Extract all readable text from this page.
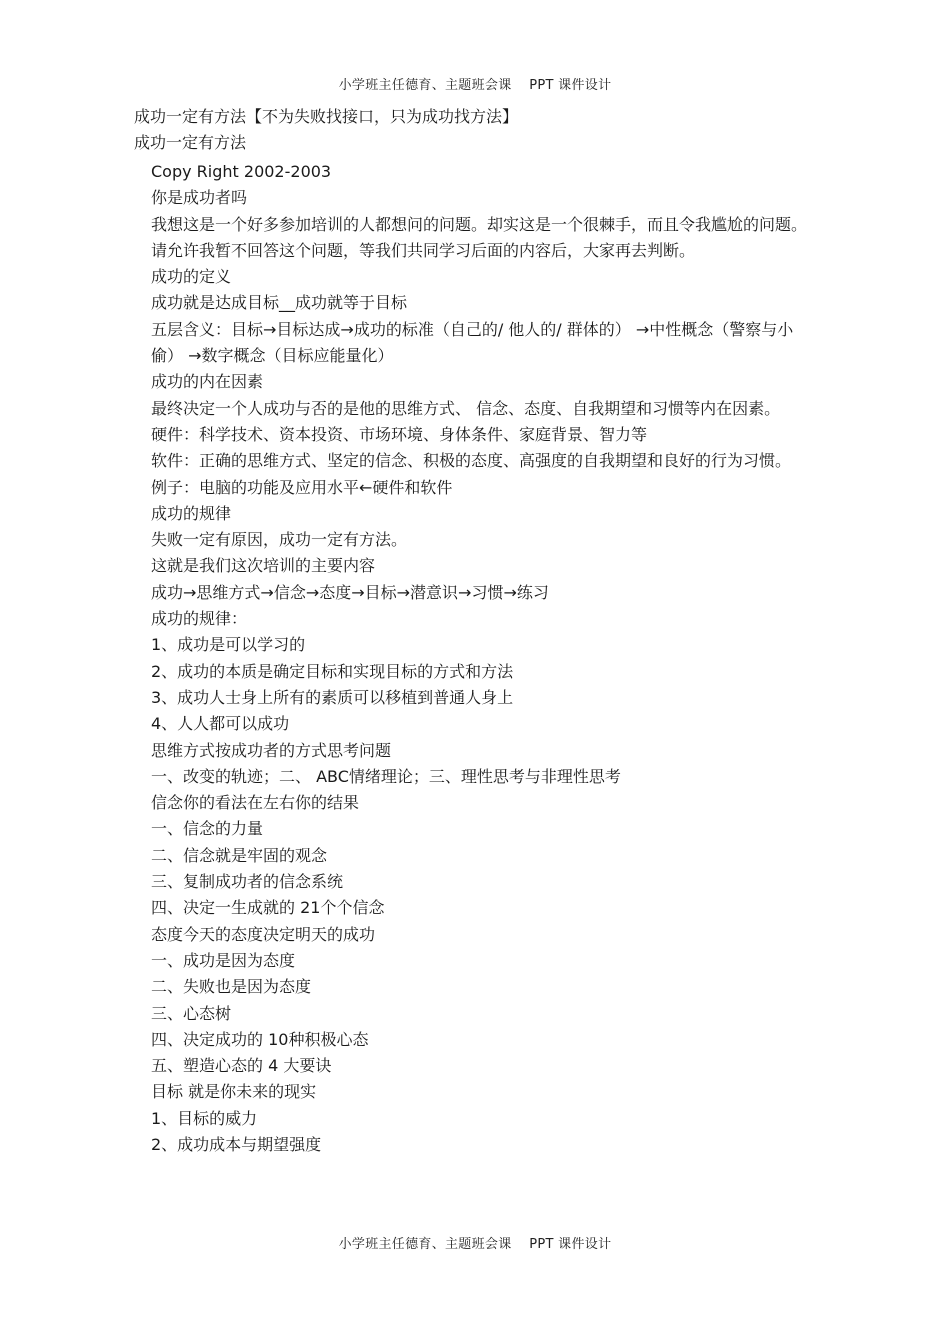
小学班主任德育、主题班会课　 PPT 课件设计
成功一定有方法【不为失败找接口，只为成功找方法】
成功一定有方法
Copy Right 2002-2003
你是成功者吗
我想这是一个好多参加培训的人都想问的问题。却实这是一个很棘手，而且令我尴尬的问题。
请允许我暂不回答这个问题，等我们共同学习后面的内容后，大家再去判断。
成功的定义
成功就是达成目标__成功就等于目标
五层含义：目标→目标达成→成功的标准（自己的/ 他人的/ 群体的） →中性概念（警察与小偷） →数字概念（目标应能量化）
成功的内在因素
最终决定一个人成功与否的是他的思维方式、 信念、态度、自我期望和习惯等内在因素。
硬件：科学技术、资本投资、市场环境、身体条件、家庭背景、智力等
软件：正确的思维方式、坚定的信念、积极的态度、高强度的自我期望和良好的行为习惯。
例子：电脑的功能及应用水平←硬件和软件
成功的规律
失败一定有原因，成功一定有方法。
这就是我们这次培训的主要内容
成功→思维方式→信念→态度→目标→潜意识→习惯→练习
成功的规律：
1、成功是可以学习的
2、成功的本质是确定目标和实现目标的方式和方法
3、成功人士身上所有的素质可以移植到普通人身上
4、人人都可以成功
思维方式按成功者的方式思考问题
一、改变的轨迹；二、 ABC情绪理论；三、理性思考与非理性思考
信念你的看法在左右你的结果
一、信念的力量
二、信念就是牢固的观念
三、复制成功者的信念系统
四、决定一生成就的 21个个信念
态度今天的态度决定明天的成功
一、成功是因为态度
二、失败也是因为态度
三、心态树
四、决定成功的 10种积极心态
五、塑造心态的 4 大要诀
目标 就是你未来的现实
1、目标的威力
2、成功成本与期望强度
小学班主任德育、主题班会课　 PPT 课件设计
